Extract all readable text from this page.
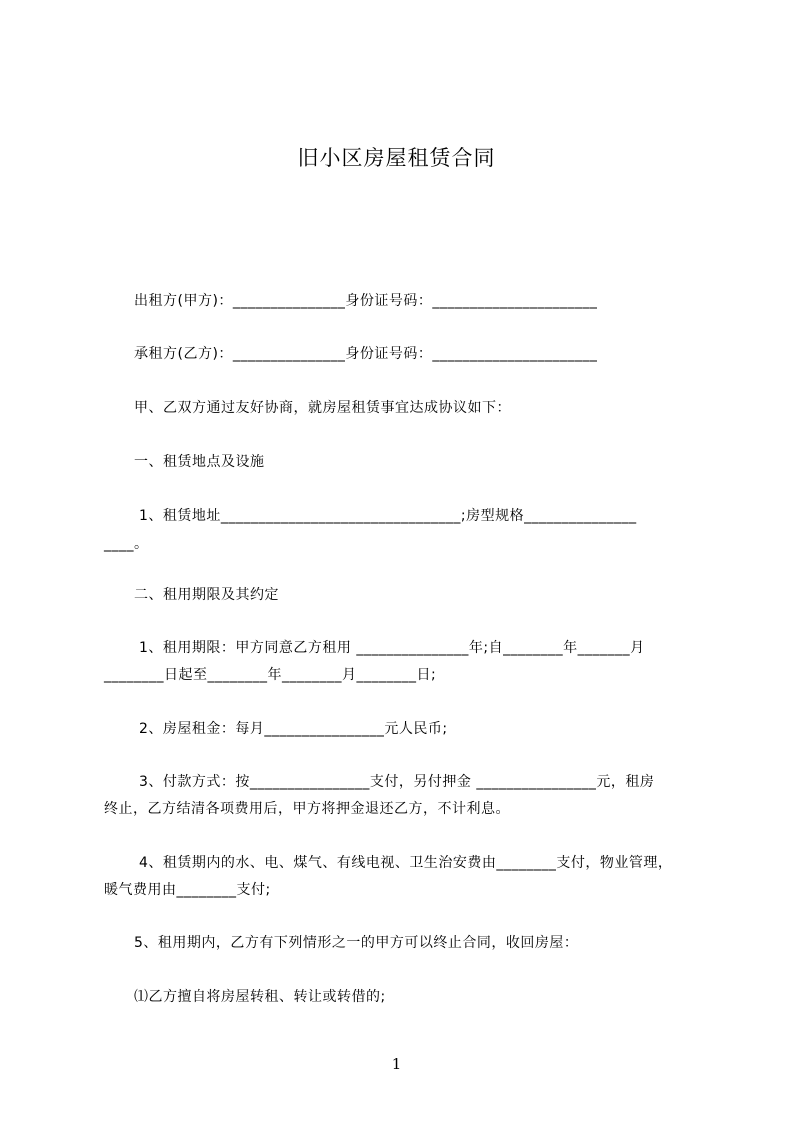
旧小区房屋租赁合同
出租方(甲方)：_______________身份证号码：______________________
承租方(乙方)：_______________身份证号码：______________________
甲、乙双方通过友好协商，就房屋租赁事宜达成协议如下：
一、租赁地点及设施
1、租赁地址________________________________;房型规格_______________
____。
二、租用期限及其约定
1、租用期限：甲方同意乙方租用 _______________年;自________年_______月
________日起至________年________月________日;
2、房屋租金：每月________________元人民币;
3、付款方式：按________________支付，另付押金 ________________元，租房
终止，乙方结清各项费用后，甲方将押金退还乙方，不计利息。
4、租赁期内的水、电、煤气、有线电视、卫生治安费由________支付，物业管理，
暖气费用由________支付;
5、租用期内，乙方有下列情形之一的甲方可以终止合同，收回房屋：
⑴乙方擅自将房屋转租、转让或转借的;
1
